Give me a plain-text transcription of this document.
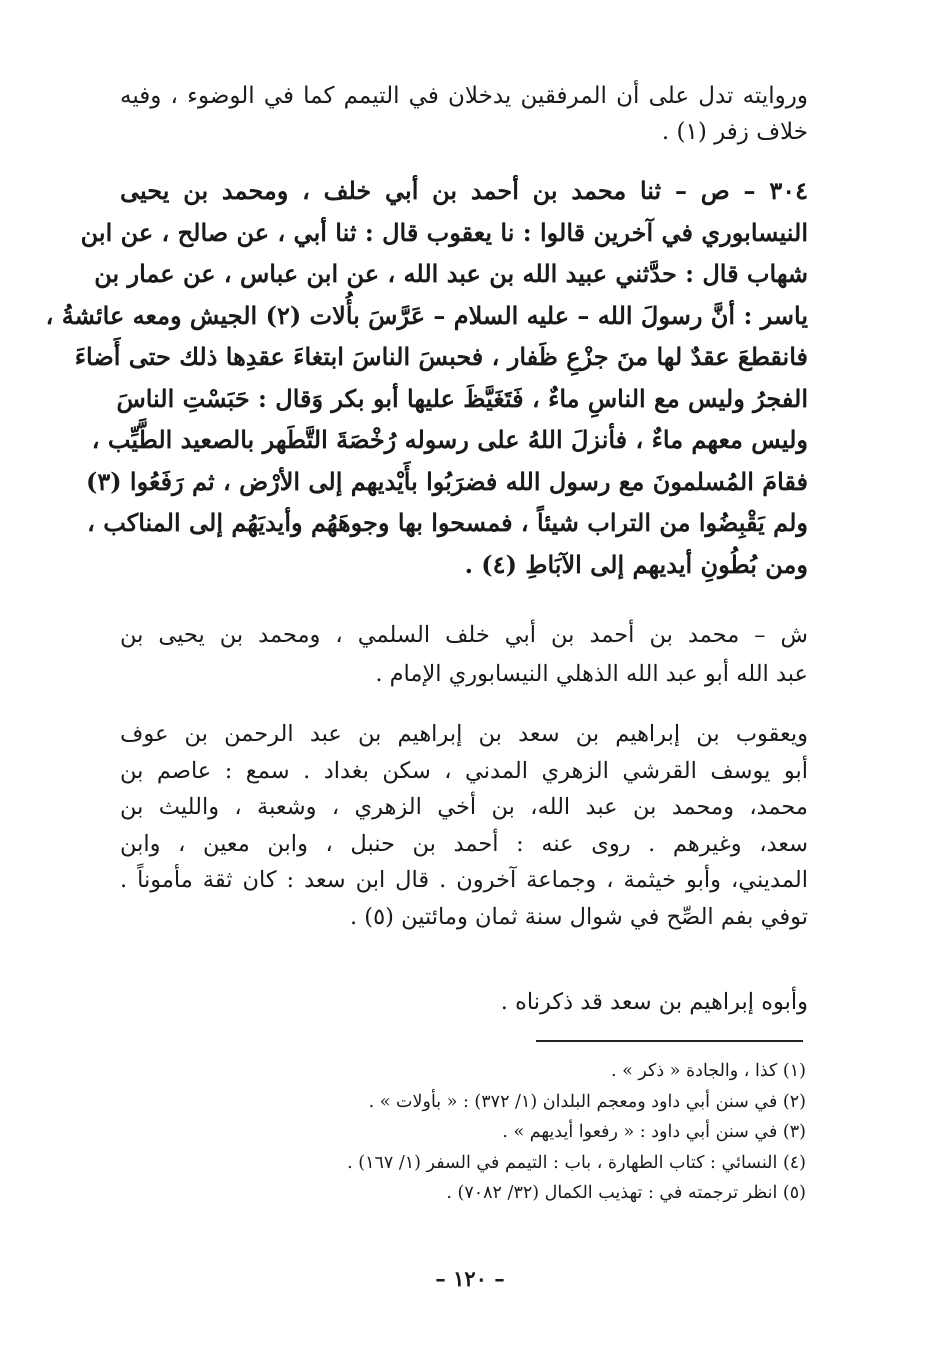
وروايته تدل على أن المرفقين يدخلان في التيمم كما في الوضوء ، وفيه
خلاف زفر (١) .
٣٠٤ – ص – ثنا محمد بن أحمد بن أبي خلف ، ومحمد بن يحيى
النيسابوري في آخرين قالوا : نا يعقوب قال : ثنا أبي ، عن صالح ، عن ابن
شهاب قال : حدَّثني عبيد الله بن عبد الله ، عن ابن عباس ، عن عمار بن
ياسر : أنَّ رسولَ الله – عليه السلام – عَرَّسَ بأُلات (٢) الجيش ومعه عائشةُ ،
فانقطعَ عقدٌ لها منَ جزْعِ ظَفار ، فحبسَ الناسَ ابتغاءَ عقدِها ذلك حتى أَضاءَ
الفجرُ وليس مع الناسِ ماءٌ ، فَتَغَيَّظَ عليها أبو بكر وَقال : حَبَسْتِ الناسَ
وليس معهم ماءٌ ، فأنزلَ اللهُ على رسوله رُخْصَةَ التَّطَهر بالصعيد الطَّيِّب ،
فقامَ المُسلمونَ مع رسول الله فضرَبُوا بأَيْديهم إلى الأرْض ، ثم رَفَعُوا (٣)
ولم يَقْبِضُوا من التراب شيئاً ، فمسحوا بها وجوهَهُم وأيديَهُم إلى المناكب ،
ومن بُطُونِ أيديهم إلى الآبَاطِ (٤) .
ش – محمد بن أحمد بن أبي خلف السلمي ، ومحمد بن يحيى بن
عبد الله أبو عبد الله الذهلي النيسابوري الإمام .
ويعقوب بن إبراهيم بن سعد بن إبراهيم بن عبد الرحمن بن عوف
أبو يوسف القرشي الزهري المدني ، سكن بغداد . سمع : عاصم بن
محمد، ومحمد بن عبد الله، بن أخي الزهري ، وشعبة ، والليث بن
سعد، وغيرهم . روى عنه : أحمد بن حنبل ، وابن معين ، وابن
المديني، وأبو خيثمة ، وجماعة آخرون . قال ابن سعد : كان ثقة مأموناً .
توفي بفم الصِّح في شوال سنة ثمان ومائتين (٥) .
وأبوه إبراهيم بن سعد قد ذكرناه .
(١) كذا ، والجادة « ذكر » .
(٢) في سنن أبي داود ومعجم البلدان (١/ ٣٧٢) : « بأولات » .
(٣) في سنن أبي داود : « رفعوا أيديهم » .
(٤) النسائي : كتاب الطهارة ، باب : التيمم في السفر (١/ ١٦٧) .
(٥) انظر ترجمته في : تهذيب الكمال (٣٢/ ٧٠٨٢) .
– ١٢٠ –
